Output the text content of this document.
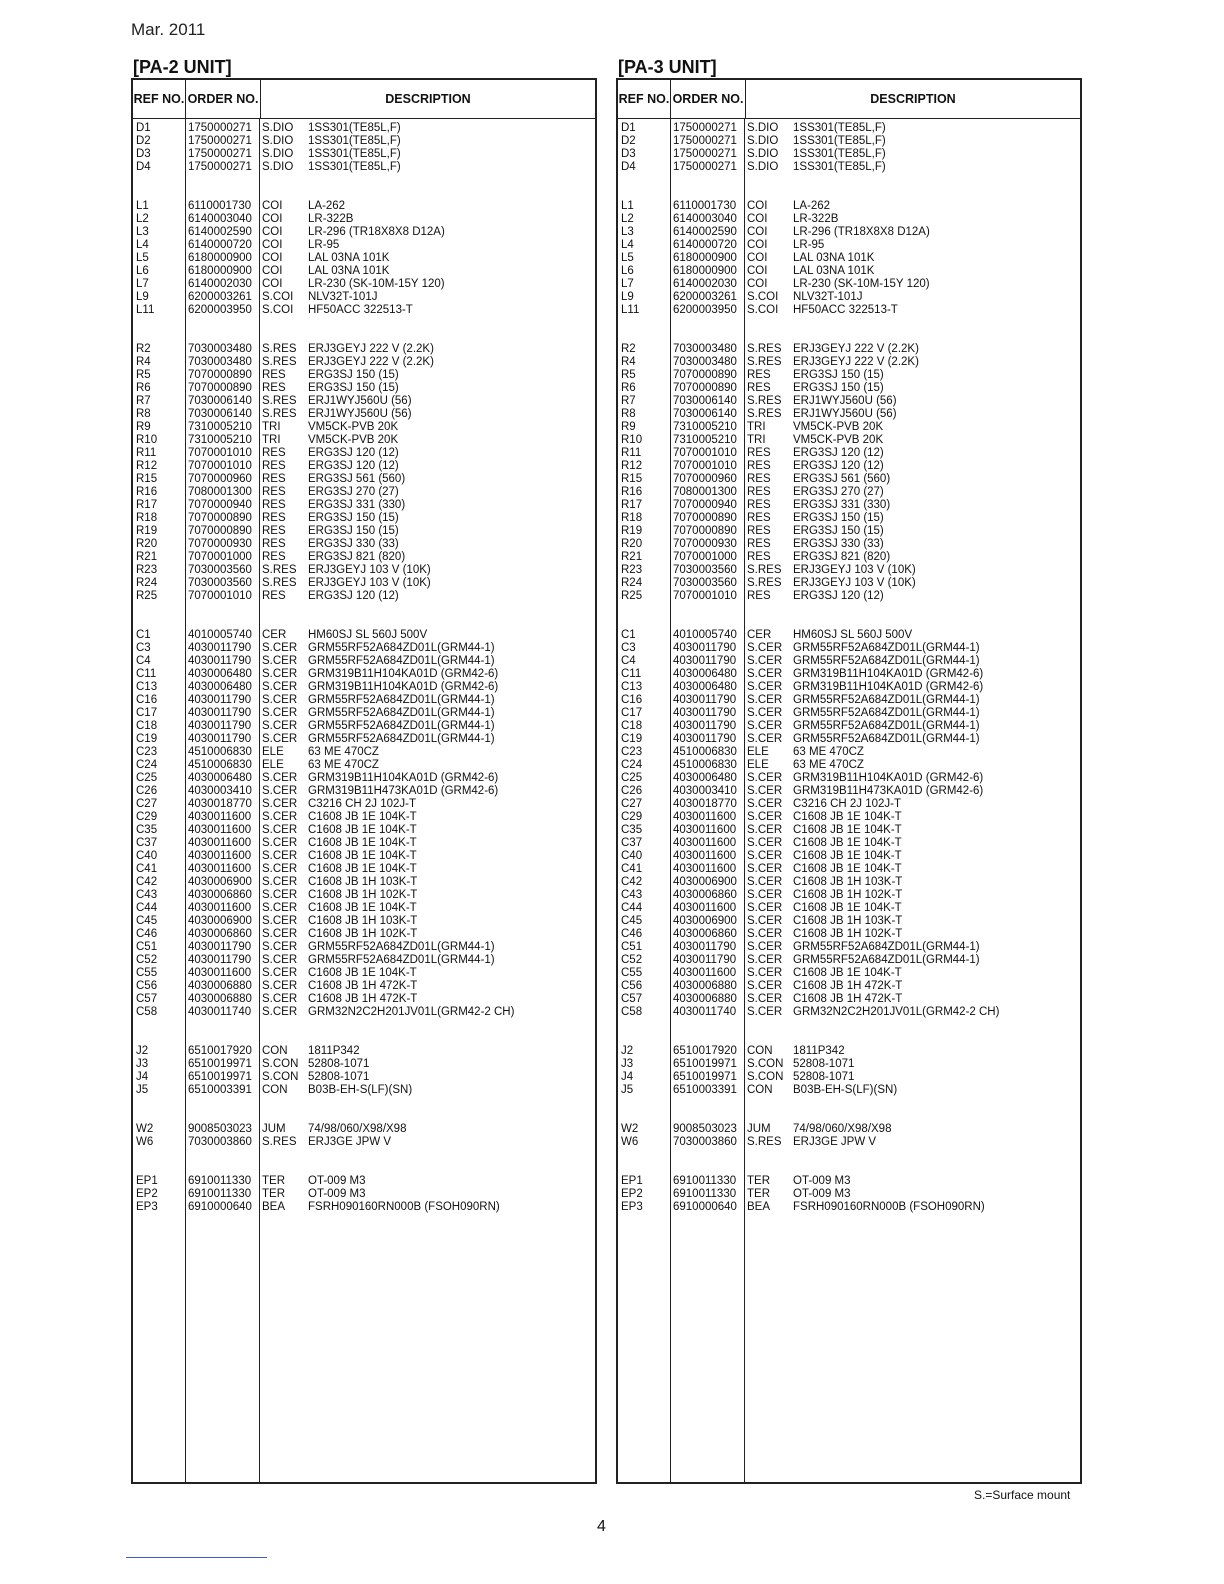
Mar. 2011
[PA-2 UNIT]
REF NO. ORDER NO.	DESCRIPTION
D1	1750000271 S.DIO	1SS301(TE85L,F)
D2	1750000271 S.DIO	1SS301(TE85L,F)
D3	1750000271 S.DIO	1SS301(TE85L,F)
D4	1750000271 S.DIO	1SS301(TE85L,F)
L1	6110001730 COI	LA-262
L2	6140003040 COI	LR-322B
L3	6140002590 COI	LR-296 (TR18X8X8 D12A)
L4	6140000720 COI	LR-95
L5	6180000900 COI	LAL 03NA 101K
L6	6180000900 COI	LAL 03NA 101K
L7	6140002030 COI	LR-230 (SK-10M-15Y 120)
L9	6200003261 S.COI	NLV32T-101J
L11	6200003950 S.COI	HF50ACC 322513-T
R2	7030003480 S.RES ERJ3GEYJ 222 V (2.2K)
R4	7030003480 S.RES ERJ3GEYJ 222 V (2.2K)
R5	7070000890 RES	ERG3SJ 150 (15)
R6	7070000890 RES	ERG3SJ 150 (15)
R7	7030006140 S.RES ERJ1WYJ560U (56)
R8	7030006140 S.RES ERJ1WYJ560U (56)
R9	7310005210 TRI	VM5CK-PVB 20K
R10	7310005210 TRI	VM5CK-PVB 20K
R11	7070001010 RES	ERG3SJ 120 (12)
R12	7070001010 RES	ERG3SJ 120 (12)
R15	7070000960 RES	ERG3SJ 561 (560)
R16	7080001300 RES	ERG3SJ 270 (27)
R17	7070000940 RES	ERG3SJ 331 (330)
R18	7070000890 RES	ERG3SJ 150 (15)
R19	7070000890 RES	ERG3SJ 150 (15)
R20	7070000930 RES	ERG3SJ 330 (33)
R21	7070001000 RES	ERG3SJ 821 (820)
R23	7030003560 S.RES ERJ3GEYJ 103 V (10K)
R24	7030003560 S.RES ERJ3GEYJ 103 V (10K)
R25	7070001010 RES	ERG3SJ 120 (12)
C1	4010005740 CER	HM60SJ SL 560J 500V
C3	4030011790 S.CER GRM55RF52A684ZD01L(GRM44-1)
C4	4030011790 S.CER GRM55RF52A684ZD01L(GRM44-1)
C11	4030006480 S.CER GRM319B11H104KA01D (GRM42-6)
C13	4030006480 S.CER GRM319B11H104KA01D (GRM42-6)
C16	4030011790 S.CER GRM55RF52A684ZD01L(GRM44-1)
C17	4030011790 S.CER GRM55RF52A684ZD01L(GRM44-1)
C18	4030011790 S.CER GRM55RF52A684ZD01L(GRM44-1)
C19	4030011790 S.CER GRM55RF52A684ZD01L(GRM44-1)
C23	4510006830 ELE	63 ME 470CZ
C24	4510006830 ELE	63 ME 470CZ
C25	4030006480 S.CER GRM319B11H104KA01D (GRM42-6)
C26	4030003410 S.CER GRM319B11H473KA01D (GRM42-6)
C27	4030018770 S.CER C3216 CH 2J 102J-T
C29	4030011600 S.CER C1608 JB 1E 104K-T
C35	4030011600 S.CER C1608 JB 1E 104K-T
C37	4030011600 S.CER C1608 JB 1E 104K-T
C40	4030011600 S.CER C1608 JB 1E 104K-T
C41	4030011600 S.CER C1608 JB 1E 104K-T
C42	4030006900 S.CER C1608 JB 1H 103K-T
C43	4030006860 S.CER C1608 JB 1H 102K-T
C44	4030011600 S.CER C1608 JB 1E 104K-T
C45	4030006900 S.CER C1608 JB 1H 103K-T
C46	4030006860 S.CER C1608 JB 1H 102K-T
C51	4030011790 S.CER GRM55RF52A684ZD01L(GRM44-1)
C52	4030011790 S.CER GRM55RF52A684ZD01L(GRM44-1)
C55	4030011600 S.CER C1608 JB 1E 104K-T
C56	4030006880 S.CER C1608 JB 1H 472K-T
C57	4030006880 S.CER C1608 JB 1H 472K-T
C58	4030011740 S.CER GRM32N2C2H201JV01L(GRM42-2 CH)
J2	6510017920 CON	1811P342
J3	6510019971 S.CON 52808-1071
J4	6510019971 S.CON 52808-1071
J5	6510003391 CON	B03B-EH-S(LF)(SN)
W2	9008503023 JUM	74/98/060/X98/X98
W6	7030003860 S.RES ERJ3GE JPW V
EP1	6910011330 TER	OT-009 M3
EP2	6910011330 TER	OT-009 M3
EP3	6910000640 BEA	FSRH090160RN000B (FSOH090RN)
[PA-3 UNIT]
REF NO. ORDER NO.	DESCRIPTION
D1	1750000271 S.DIO	1SS301(TE85L,F)
D2	1750000271 S.DIO	1SS301(TE85L,F)
D3	1750000271 S.DIO	1SS301(TE85L,F)
D4	1750000271 S.DIO	1SS301(TE85L,F)
L1	6110001730 COI	LA-262
L2	6140003040 COI	LR-322B
L3	6140002590 COI	LR-296 (TR18X8X8 D12A)
L4	6140000720 COI	LR-95
L5	6180000900 COI	LAL 03NA 101K
L6	6180000900 COI	LAL 03NA 101K
L7	6140002030 COI	LR-230 (SK-10M-15Y 120)
L9	6200003261 S.COI	NLV32T-101J
L11	6200003950 S.COI	HF50ACC 322513-T
R2	7030003480 S.RES ERJ3GEYJ 222 V (2.2K)
R4	7030003480 S.RES ERJ3GEYJ 222 V (2.2K)
R5	7070000890 RES	ERG3SJ 150 (15)
R6	7070000890 RES	ERG3SJ 150 (15)
R7	7030006140 S.RES ERJ1WYJ560U (56)
R8	7030006140 S.RES ERJ1WYJ560U (56)
R9	7310005210 TRI	VM5CK-PVB 20K
R10	7310005210 TRI	VM5CK-PVB 20K
R11	7070001010 RES	ERG3SJ 120 (12)
R12	7070001010 RES	ERG3SJ 120 (12)
R15	7070000960 RES	ERG3SJ 561 (560)
R16	7080001300 RES	ERG3SJ 270 (27)
R17	7070000940 RES	ERG3SJ 331 (330)
R18	7070000890 RES	ERG3SJ 150 (15)
R19	7070000890 RES	ERG3SJ 150 (15)
R20	7070000930 RES	ERG3SJ 330 (33)
R21	7070001000 RES	ERG3SJ 821 (820)
R23	7030003560 S.RES ERJ3GEYJ 103 V (10K)
R24	7030003560 S.RES ERJ3GEYJ 103 V (10K)
R25	7070001010 RES	ERG3SJ 120 (12)
C1	4010005740 CER	HM60SJ SL 560J 500V
C3	4030011790 S.CER GRM55RF52A684ZD01L(GRM44-1)
C4	4030011790 S.CER GRM55RF52A684ZD01L(GRM44-1)
C11	4030006480 S.CER GRM319B11H104KA01D (GRM42-6)
C13	4030006480 S.CER GRM319B11H104KA01D (GRM42-6)
C16	4030011790 S.CER GRM55RF52A684ZD01L(GRM44-1)
C17	4030011790 S.CER GRM55RF52A684ZD01L(GRM44-1)
C18	4030011790 S.CER GRM55RF52A684ZD01L(GRM44-1)
C19	4030011790 S.CER GRM55RF52A684ZD01L(GRM44-1)
C23	4510006830 ELE	63 ME 470CZ
C24	4510006830 ELE	63 ME 470CZ
C25	4030006480 S.CER GRM319B11H104KA01D (GRM42-6)
C26	4030003410 S.CER GRM319B11H473KA01D (GRM42-6)
C27	4030018770 S.CER C3216 CH 2J 102J-T
C29	4030011600 S.CER C1608 JB 1E 104K-T
C35	4030011600 S.CER C1608 JB 1E 104K-T
C37	4030011600 S.CER C1608 JB 1E 104K-T
C40	4030011600 S.CER C1608 JB 1E 104K-T
C41	4030011600 S.CER C1608 JB 1E 104K-T
C42	4030006900 S.CER C1608 JB 1H 103K-T
C43	4030006860 S.CER C1608 JB 1H 102K-T
C44	4030011600 S.CER C1608 JB 1E 104K-T
C45	4030006900 S.CER C1608 JB 1H 103K-T
C46	4030006860 S.CER C1608 JB 1H 102K-T
C51	4030011790 S.CER GRM55RF52A684ZD01L(GRM44-1)
C52	4030011790 S.CER GRM55RF52A684ZD01L(GRM44-1)
C55	4030011600 S.CER C1608 JB 1E 104K-T
C56	4030006880 S.CER C1608 JB 1H 472K-T
C57	4030006880 S.CER C1608 JB 1H 472K-T
C58	4030011740 S.CER GRM32N2C2H201JV01L(GRM42-2 CH)
J2	6510017920 CON	1811P342
J3	6510019971 S.CON 52808-1071
J4	6510019971 S.CON 52808-1071
J5	6510003391 CON	B03B-EH-S(LF)(SN)
W2	9008503023 JUM	74/98/060/X98/X98
W6	7030003860 S.RES ERJ3GE JPW V
EP1	6910011330 TER	OT-009 M3
EP2	6910011330 TER	OT-009 M3
EP3	6910000640 BEA	FSRH090160RN000B (FSOH090RN)
S.=Surface mount
4
